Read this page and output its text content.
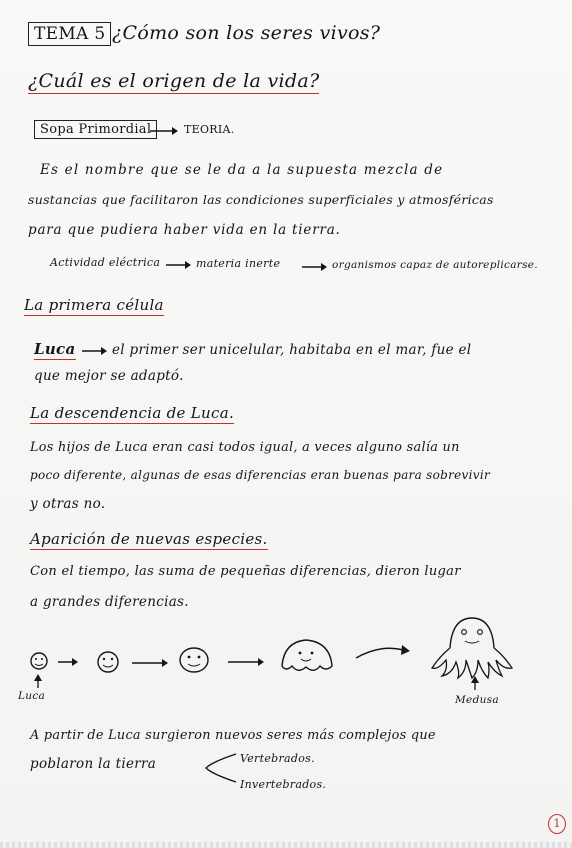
TEMA 5 ¿Cómo son los seres vivos?
¿Cuál es el origen de la vida?
Sopa Primordial	TEORIA.
Es el nombre que se le da a la supuesta mezcla de
sustancias que facilitaron las condiciones superficiales y atmosféricas
para que pudiera haber vida en la tierra.
Actividad eléctrica	materia inerte	organismos capaz de autoreplicarse.
La primera célula
Luca	el primer ser unicelular, habitaba en el mar, fue el
que mejor se adaptó.
La descendencia de Luca.
Los hijos de Luca eran casi todos igual, a veces alguno salía un
poco diferente, algunas de esas diferencias eran buenas para sobrevivir
y otras no.
Aparición de nuevas especies.
Con el tiempo, las suma de pequeñas diferencias, dieron lugar
a grandes diferencias.
Luca	Medusa
A partir de Luca surgieron nuevos seres más complejos que
poblaron la tierra	Vertebrados.
Invertebrados.
1
